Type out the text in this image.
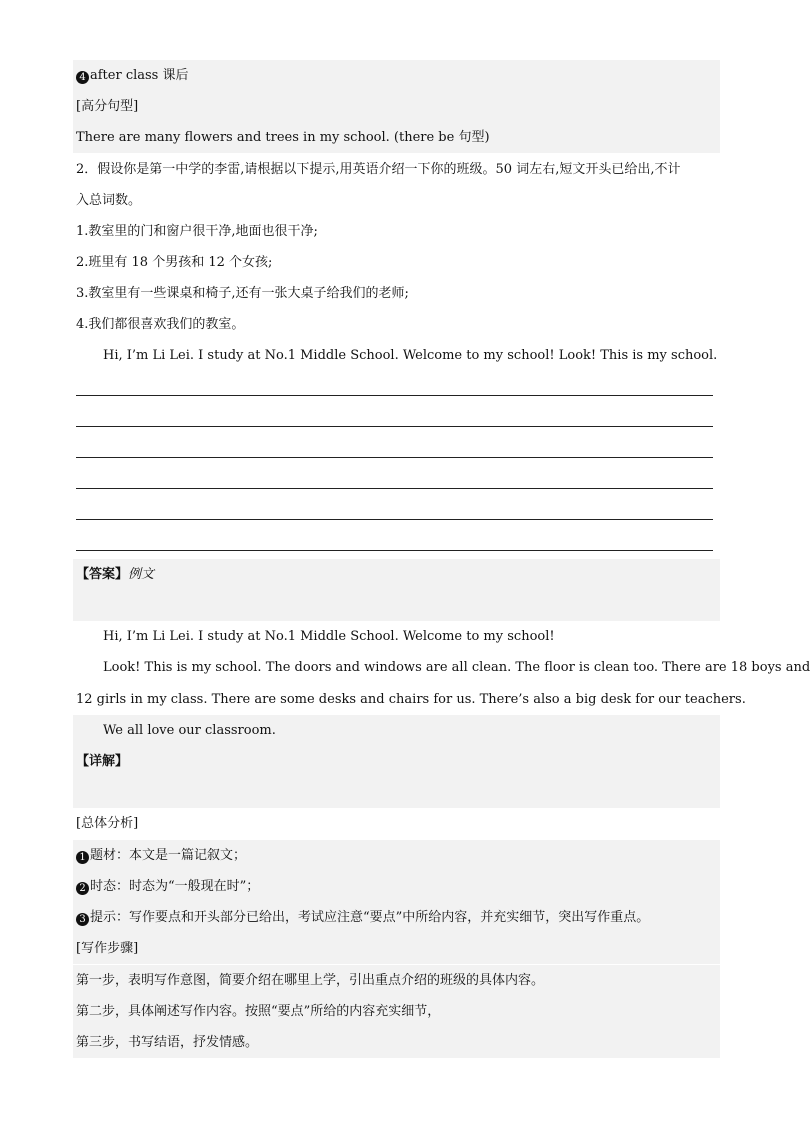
4 after class 课后
[高分句型]
There are many flowers and trees in my school. (there be 句型)
2．假设你是第一中学的李雷,请根据以下提示,用英语介绍一下你的班级。50 词左右,短文开头已给出,不计
入总词数。
1.教室里的门和窗户很干净,地面也很干净;
2.班里有 18 个男孩和 12 个女孩;
3.教室里有一些课桌和椅子,还有一张大桌子给我们的老师;
4.我们都很喜欢我们的教室。
Hi, I’m Li Lei. I study at No.1 Middle School. Welcome to my school! Look! This is my school.
【答案】例文
Hi, I’m Li Lei. I study at No.1 Middle School. Welcome to my school!
Look! This is my school. The doors and windows are all clean. The floor is clean too. There are 18 boys and
12 girls in my class. There are some desks and chairs for us. There’s also a big desk for our teachers.
We all love our classroom.
【详解】
[总体分析]
1 题材：本文是一篇记叙文；
2 时态：时态为“一般现在时”；
3 提示：写作要点和开头部分已给出，考试应注意“要点”中所给内容，并充实细节，突出写作重点。
[写作步骤]
第一步，表明写作意图，简要介绍在哪里上学，引出重点介绍的班级的具体内容。
第二步，具体阐述写作内容。按照“要点”所给的内容充实细节，
第三步，书写结语，抒发情感。
